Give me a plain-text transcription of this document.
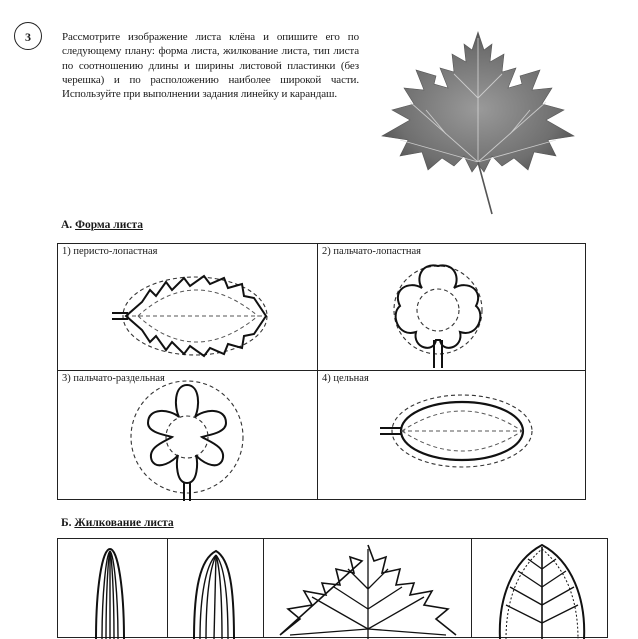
3	Рассмотрите изображение листа клёна и опишите его по следующему плану: форма листа, жилкование листа, тип листа по соотношению длины и ширины листовой пластинки (без черешка) и по расположению наиболее широкой части. Используйте при выполнении задания линейку и карандаш.

А. Форма листа
1) перисто-лопастная	2) пальчато-лопастная
3) пальчато-раздельная	4) цельная
Б. Жилкование листа
